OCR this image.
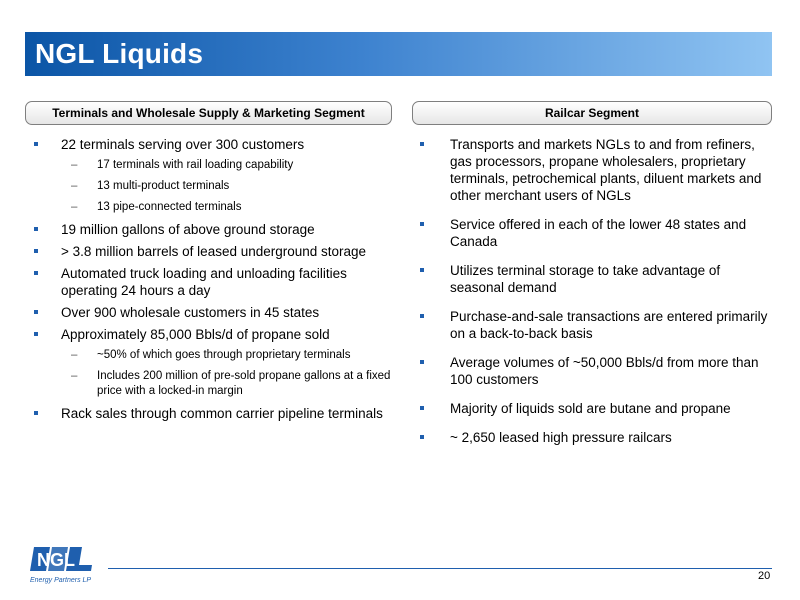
NGL Liquids
Terminals and Wholesale Supply & Marketing Segment	Railcar Segment
22 terminals serving over 300 customers
– 17 terminals with rail loading capability
– 13 multi-product terminals
– 13 pipe-connected terminals
19 million gallons of above ground storage
> 3.8 million barrels of leased underground storage
Automated truck loading and unloading facilities operating 24 hours a day
Over 900 wholesale customers in 45 states
Approximately 85,000 Bbls/d of propane sold
– ~50% of which goes through proprietary terminals
– Includes 200 million of pre-sold propane gallons at a fixed price with a locked-in margin
Rack sales through common carrier pipeline terminals
Transports and markets NGLs to and from refiners, gas processors, propane wholesalers, proprietary terminals, petrochemical plants, diluent markets and other merchant users of NGLs
Service offered in each of the lower 48 states and Canada
Utilizes terminal storage to take advantage of seasonal demand
Purchase-and-sale transactions are entered primarily on a back-to-back basis
Average volumes of ~50,000 Bbls/d from more than 100 customers
Majority of liquids sold are butane and propane
~ 2,650 leased high pressure railcars
NGL
Energy Partners LP	20
